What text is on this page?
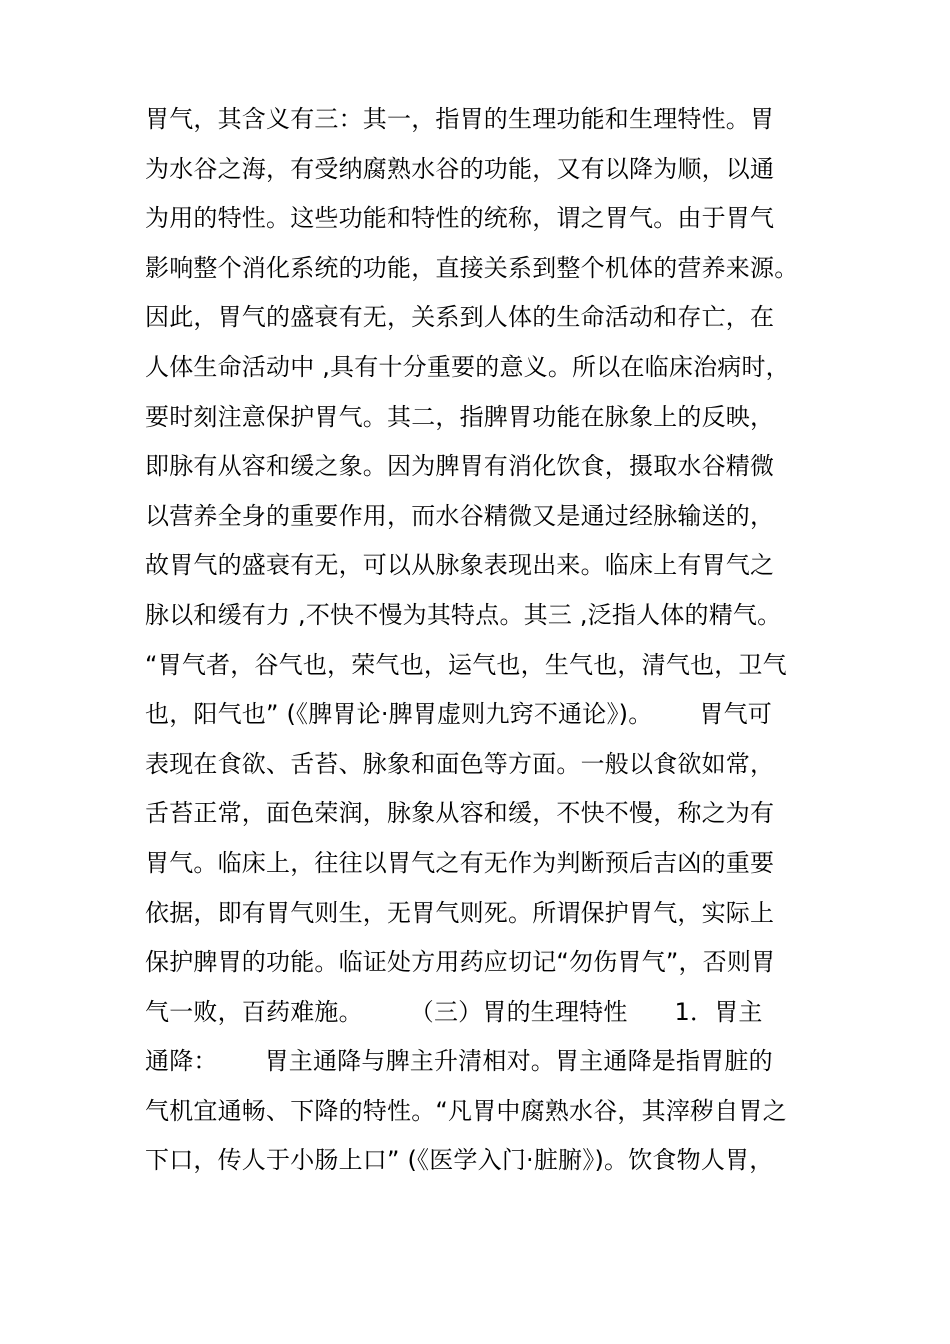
胃气，其含义有三：其一，指胃的生理功能和生理特性。胃
为水谷之海，有受纳腐熟水谷的功能，又有以降为顺，以通
为用的特性。这些功能和特性的统称，谓之胃气。由于胃气
影响整个消化系统的功能，直接关系到整个机体的营养来源。
因此，胃气的盛衰有无，关系到人体的生命活动和存亡，在
人体生命活动中 ,具有十分重要的意义。所以在临床治病时，
要时刻注意保护胃气。其二，指脾胃功能在脉象上的反映，
即脉有从容和缓之象。因为脾胃有消化饮食，摄取水谷精微
以营养全身的重要作用，而水谷精微又是通过经脉输送的，
故胃气的盛衰有无，可以从脉象表现出来。临床上有胃气之
脉以和缓有力 ,不快不慢为其特点。其三 ,泛指人体的精气。
“胃气者，谷气也，荣气也，运气也，生气也，清气也，卫气
也，阳气也” (《脾胃论·脾胃虚则九窍不通论》)。      胃气可
表现在食欲、舌苔、脉象和面色等方面。一般以食欲如常，
舌苔正常，面色荣润，脉象从容和缓，不快不慢，称之为有
胃气。临床上，往往以胃气之有无作为判断预后吉凶的重要
依据，即有胃气则生，无胃气则死。所谓保护胃气，实际上
保护脾胃的功能。临证处方用药应切记“勿伤胃气”，否则胃
气一败，百药难施。      （三）胃的生理特性      1．胃主
通降：      胃主通降与脾主升清相对。胃主通降是指胃脏的
气机宜通畅、下降的特性。“凡胃中腐熟水谷，其滓秽自胃之
下口，传人于小肠上口” (《医学入门·脏腑》)。饮食物人胃，
